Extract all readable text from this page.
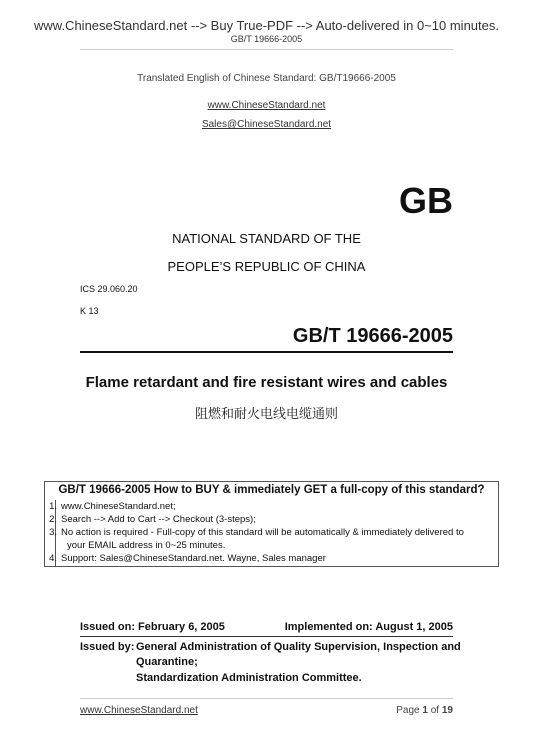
www.ChineseStandard.net --> Buy True-PDF --> Auto-delivered in 0~10 minutes.
GB/T 19666-2005
Translated English of Chinese Standard: GB/T19666-2005
www.ChineseStandard.net
Sales@ChineseStandard.net
GB
NATIONAL STANDARD OF THE
PEOPLE’S REPUBLIC OF CHINA
ICS 29.060.20
K 13
GB/T 19666-2005
Flame retardant and fire resistant wires and cables
阻燃和耐火电线电缆通则
GB/T 19666-2005 How to BUY & immediately GET a full-copy of this standard?
1. www.ChineseStandard.net;
2. Search --> Add to Cart --> Checkout (3-steps);
3. No action is required - Full-copy of this standard will be automatically & immediately delivered to
your EMAIL address in 0~25 minutes.
4. Support: Sales@ChineseStandard.net. Wayne, Sales manager
Issued on: February 6, 2005	Implemented on: August 1, 2005
Issued by: General Administration of Quality Supervision, Inspection and
Quarantine;
Standardization Administration Committee.
www.ChineseStandard.net	Page 1 of 19
